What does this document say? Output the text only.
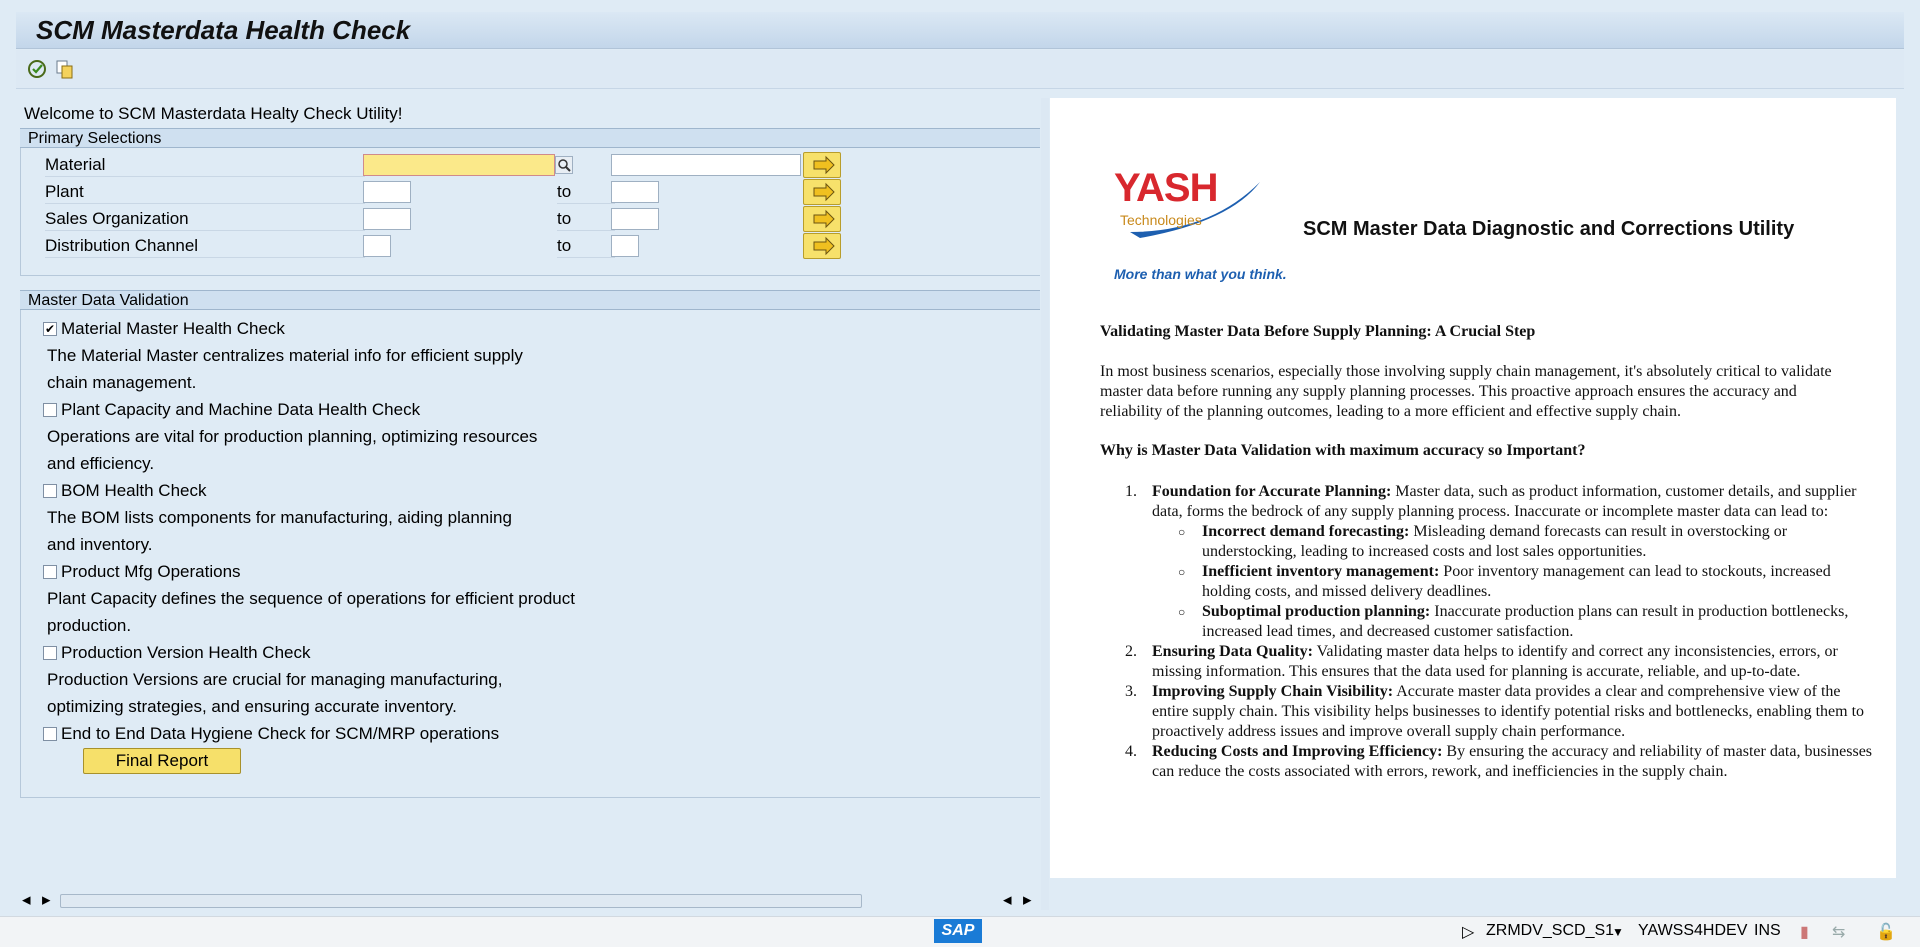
SCM Masterdata Health Check
Welcome to SCM Masterdata Healty Check Utility!
Primary Selections
Material
Plant	to
Sales Organization	to
Distribution Channel	to
Master Data Validation
✔ Material Master Health Check
The Material Master centralizes material info for efficient supply
chain management.
Plant Capacity and Machine Data Health Check
Operations are vital for production planning, optimizing resources
and efficiency.
BOM Health Check
The BOM lists components for manufacturing, aiding planning
and inventory.
Product Mfg Operations
Plant Capacity defines the sequence of operations for efficient product
production.
Production Version Health Check
Production Versions are crucial for managing manufacturing,
optimizing strategies, and ensuring accurate inventory.
End to End Data Hygiene Check for SCM/MRP operations
Final Report
◂ ▸	◂ ▸
YASH
Technologies
More than what you think.
SCM Master Data Diagnostic and Corrections Utility
Validating Master Data Before Supply Planning: A Crucial Step

In most business scenarios, especially those involving supply chain management, it's absolutely critical to validate master data before running any supply planning processes. This proactive approach ensures the accuracy and reliability of the planning outcomes, leading to a more efficient and effective supply chain.

Why is Master Data Validation with maximum accuracy so Important?
1. Foundation for Accurate Planning: Master data, such as product information, customer details, and supplier data, forms the bedrock of any supply planning process. Inaccurate or incomplete master data can lead to:
○ Incorrect demand forecasting: Misleading demand forecasts can result in overstocking or understocking, leading to increased costs and lost sales opportunities.
○ Inefficient inventory management: Poor inventory management can lead to stockouts, increased holding costs, and missed delivery deadlines.
○ Suboptimal production planning: Inaccurate production plans can result in production bottlenecks, increased lead times, and decreased customer satisfaction.
2. Ensuring Data Quality: Validating master data helps to identify and correct any inconsistencies, errors, or missing information. This ensures that the data used for planning is accurate, reliable, and up-to-date.
3. Improving Supply Chain Visibility: Accurate master data provides a clear and comprehensive view of the entire supply chain. This visibility helps businesses to identify potential risks and bottlenecks, enabling them to proactively address issues and improve overall supply chain performance.
4. Reducing Costs and Improving Efficiency: By ensuring the accuracy and reliability of master data, businesses can reduce the costs associated with errors, rework, and inefficiencies in the supply chain.
SAP	▷ ZRMDV_SCD_S1
▼ YAWSS4HDEV INS ▮ ⇆ 🔓
